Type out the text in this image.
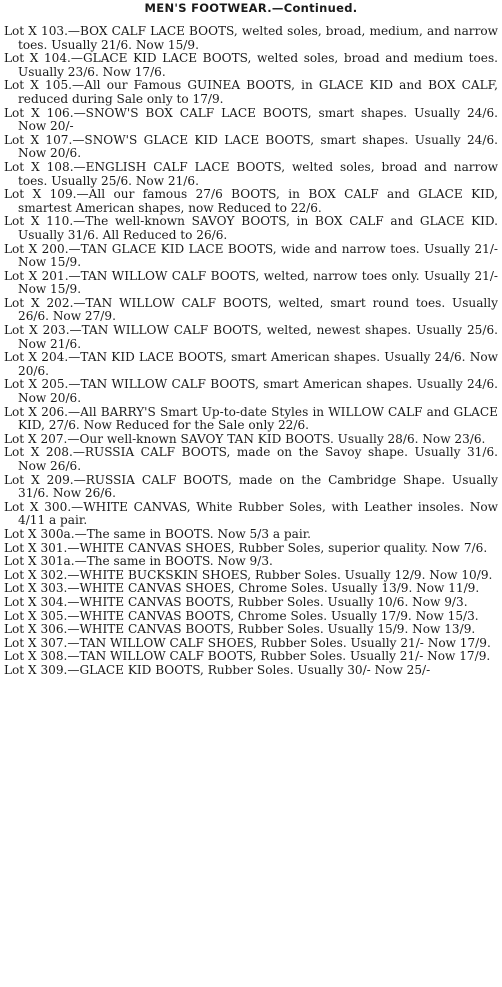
MEN'S FOOTWEAR.—Continued.
Lot X 103.—BOX CALF LACE BOOTS, welted soles, broad, medium, and narrow toes. Usually 21/6. Now 15/9.
Lot X 104.—GLACE KID LACE BOOTS, welted soles, broad and medium toes. Usually 23/6. Now 17/6.
Lot X 105.—All our Famous GUINEA BOOTS, in GLACE KID and BOX CALF, reduced during Sale only to 17/9.
Lot X 106.—SNOW'S BOX CALF LACE BOOTS, smart shapes. Usually 24/6. Now 20/-
Lot X 107.—SNOW'S GLACE KID LACE BOOTS, smart shapes. Usually 24/6. Now 20/6.
Lot X 108.—ENGLISH CALF LACE BOOTS, welted soles, broad and narrow toes. Usually 25/6. Now 21/6.
Lot X 109.—All our famous 27/6 BOOTS, in BOX CALF and GLACE KID, smartest American shapes, now Reduced to 22/6.
Lot X 110.—The well-known SAVOY BOOTS, in BOX CALF and GLACE KID. Usually 31/6. All Reduced to 26/6.
Lot X 200.—TAN GLACE KID LACE BOOTS, wide and narrow toes. Usually 21/- Now 15/9.
Lot X 201.—TAN WILLOW CALF BOOTS, welted, narrow toes only. Usually 21/- Now 15/9.
Lot X 202.—TAN WILLOW CALF BOOTS, welted, smart round toes. Usually 26/6. Now 27/9.
Lot X 203.—TAN WILLOW CALF BOOTS, welted, newest shapes. Usually 25/6. Now 21/6.
Lot X 204.—TAN KID LACE BOOTS, smart American shapes. Usually 24/6. Now 20/6.
Lot X 205.—TAN WILLOW CALF BOOTS, smart American shapes. Usually 24/6. Now 20/6.
Lot X 206.—All BARRY'S Smart Up-to-date Styles in WILLOW CALF and GLACE KID, 27/6. Now Reduced for the Sale only 22/6.
Lot X 207.—Our well-known SAVOY TAN KID BOOTS. Usually 28/6. Now 23/6.
Lot X 208.—RUSSIA CALF BOOTS, made on the Savoy shape. Usually 31/6. Now 26/6.
Lot X 209.—RUSSIA CALF BOOTS, made on the Cambridge Shape. Usually 31/6. Now 26/6.
Lot X 300.—WHITE CANVAS, White Rubber Soles, with Leather insoles. Now 4/11 a pair.
Lot X 300a.—The same in BOOTS. Now 5/3 a pair.
Lot X 301.—WHITE CANVAS SHOES, Rubber Soles, superior quality. Now 7/6.
Lot X 301a.—The same in BOOTS. Now 9/3.
Lot X 302.—WHITE BUCKSKIN SHOES, Rubber Soles. Usually 12/9. Now 10/9.
Lot X 303.—WHITE CANVAS SHOES, Chrome Soles. Usually 13/9. Now 11/9.
Lot X 304.—WHITE CANVAS BOOTS, Rubber Soles. Usually 10/6. Now 9/3.
Lot X 305.—WHITE CANVAS BOOTS, Chrome Soles. Usually 17/9. Now 15/3.
Lot X 306.—WHITE CANVAS BOOTS, Rubber Soles. Usually 15/9. Now 13/9.
Lot X 307.—TAN WILLOW CALF SHOES, Rubber Soles. Usually 21/- Now 17/9.
Lot X 308.—TAN WILLOW CALF BOOTS, Rubber Soles. Usually 21/- Now 17/9.
Lot X 309.—GLACE KID BOOTS, Rubber Soles. Usually 30/- Now 25/-
